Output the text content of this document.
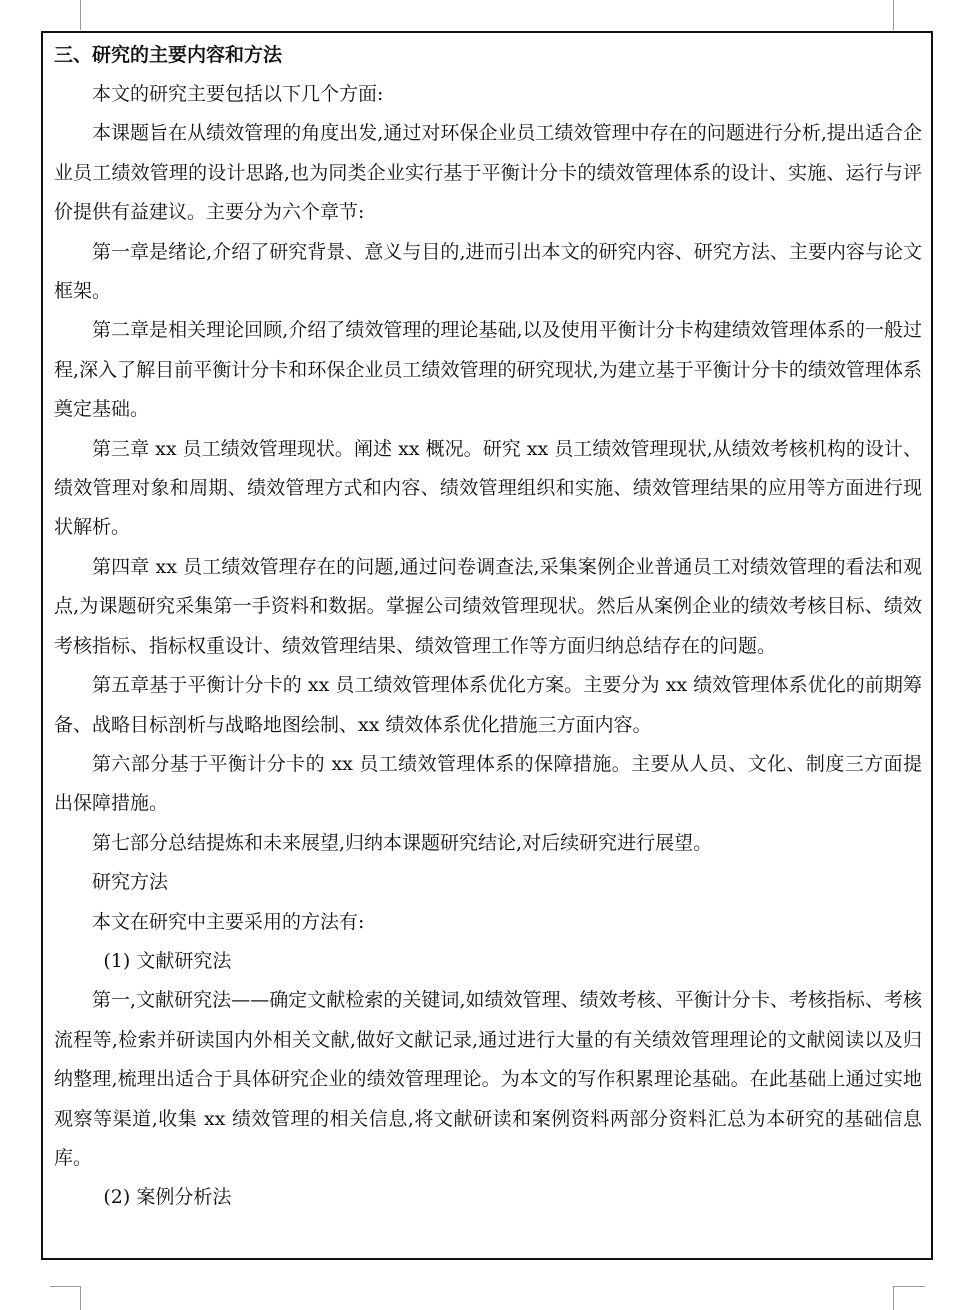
三、研究的主要内容和方法

本文的研究主要包括以下几个方面:

本课题旨在从绩效管理的角度出发,通过对环保企业员工绩效管理中存在的问题进行分析,提出适合企业员工绩效管理的设计思路,也为同类企业实行基于平衡计分卡的绩效管理体系的设计、实施、运行与评价提供有益建议。主要分为六个章节:

第一章是绪论,介绍了研究背景、意义与目的,进而引出本文的研究内容、研究方法、主要内容与论文框架。

第二章是相关理论回顾,介绍了绩效管理的理论基础,以及使用平衡计分卡构建绩效管理体系的一般过程,深入了解目前平衡计分卡和环保企业员工绩效管理的研究现状,为建立基于平衡计分卡的绩效管理体系奠定基础。

第三章 xx 员工绩效管理现状。阐述 xx 概况。研究 xx 员工绩效管理现状,从绩效考核机构的设计、绩效管理对象和周期、绩效管理方式和内容、绩效管理组织和实施、绩效管理结果的应用等方面进行现状解析。

第四章 xx 员工绩效管理存在的问题,通过问卷调查法,采集案例企业普通员工对绩效管理的看法和观点,为课题研究采集第一手资料和数据。掌握公司绩效管理现状。然后从案例企业的绩效考核目标、绩效考核指标、指标权重设计、绩效管理结果、绩效管理工作等方面归纳总结存在的问题。

第五章基于平衡计分卡的 xx 员工绩效管理体系优化方案。主要分为 xx 绩效管理体系优化的前期筹备、战略目标剖析与战略地图绘制、xx 绩效体系优化措施三方面内容。

第六部分基于平衡计分卡的 xx 员工绩效管理体系的保障措施。主要从人员、文化、制度三方面提出保障措施。

第七部分总结提炼和未来展望,归纳本课题研究结论,对后续研究进行展望。

研究方法

本文在研究中主要采用的方法有:

(1) 文献研究法

第一,文献研究法——确定文献检索的关键词,如绩效管理、绩效考核、平衡计分卡、考核指标、考核流程等,检索并研读国内外相关文献,做好文献记录,通过进行大量的有关绩效管理理论的文献阅读以及归纳整理,梳理出适合于具体研究企业的绩效管理理论。为本文的写作积累理论基础。在此基础上通过实地观察等渠道,收集 xx 绩效管理的相关信息,将文献研读和案例资料两部分资料汇总为本研究的基础信息库。

(2) 案例分析法
